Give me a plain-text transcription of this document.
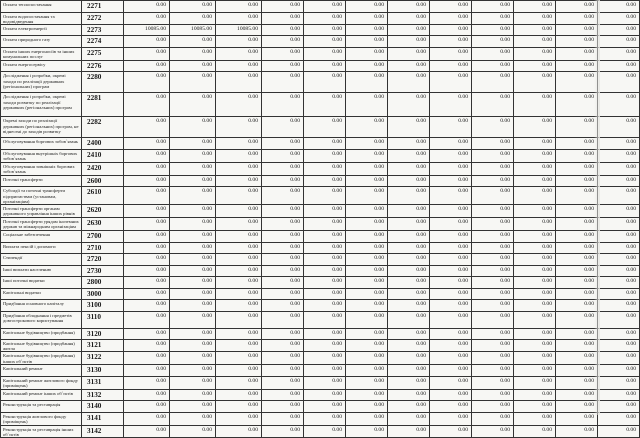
Оплата теплопостачання	2271	0.00	0.00	0.00	0.00	0.00	0.00	0.00	0.00	0.00	0.00	0.00	0.00
Оплата водопостачання та водовідведення	2272	0.00	0.00	0.00	0.00	0.00	0.00	0.00	0.00	0.00	0.00	0.00	0.00
Оплата електроенергії	2273	10085.00	10085.00	10085.00	0.00	0.00	0.00	0.00	0.00	0.00	0.00	0.00	0.00
Оплата природного газу	2274	0.00	0.00	0.00	0.00	0.00	0.00	0.00	0.00	0.00	0.00	0.00	0.00
Оплата інших енергоносіїв та інших комунальних послуг	2275	0.00	0.00	0.00	0.00	0.00	0.00	0.00	0.00	0.00	0.00	0.00	0.00
Оплата енергосервісу	2276	0.00	0.00	0.00	0.00	0.00	0.00	0.00	0.00	0.00	0.00	0.00	0.00
Дослідження і розробки, окремі заходи по реалізації державних (регіональних) програм	2280	0.00	0.00	0.00	0.00	0.00	0.00	0.00	0.00	0.00	0.00	0.00	0.00
Дослідження і розробки, окремі заходи розвитку по реалізації державних (регіональних) програм	2281	0.00	0.00	0.00	0.00	0.00	0.00	0.00	0.00	0.00	0.00	0.00	0.00
Окремі заходи по реалізації державних (регіональних) програм, не віднесені до заходів розвитку	2282	0.00	0.00	0.00	0.00	0.00	0.00	0.00	0.00	0.00	0.00	0.00	0.00
Обслуговування боргових зобов`язань	2400	0.00	0.00	0.00	0.00	0.00	0.00	0.00	0.00	0.00	0.00	0.00	0.00
Обслуговування внутрішніх боргових зобов`язань	2410	0.00	0.00	0.00	0.00	0.00	0.00	0.00	0.00	0.00	0.00	0.00	0.00
Обслуговування зовнішніх боргових зобов`язань	2420	0.00	0.00	0.00	0.00	0.00	0.00	0.00	0.00	0.00	0.00	0.00	0.00
Поточні трансферти	2600	0.00	0.00	0.00	0.00	0.00	0.00	0.00	0.00	0.00	0.00	0.00	0.00
Субсидії та поточні трансферти підприємствам (установам, організаціям)	2610	0.00	0.00	0.00	0.00	0.00	0.00	0.00	0.00	0.00	0.00	0.00	0.00
Поточні трансферти органам державного управління інших рівнів	2620	0.00	0.00	0.00	0.00	0.00	0.00	0.00	0.00	0.00	0.00	0.00	0.00
Поточні трансферти урядам іноземних держав та міжнародним організаціям	2630	0.00	0.00	0.00	0.00	0.00	0.00	0.00	0.00	0.00	0.00	0.00	0.00
Соціальне забезпечення	2700	0.00	0.00	0.00	0.00	0.00	0.00	0.00	0.00	0.00	0.00	0.00	0.00
Виплата пенсій і допомоги	2710	0.00	0.00	0.00	0.00	0.00	0.00	0.00	0.00	0.00	0.00	0.00	0.00
Стипендії	2720	0.00	0.00	0.00	0.00	0.00	0.00	0.00	0.00	0.00	0.00	0.00	0.00
Інші виплати населенню	2730	0.00	0.00	0.00	0.00	0.00	0.00	0.00	0.00	0.00	0.00	0.00	0.00
Інші поточні видатки	2800	0.00	0.00	0.00	0.00	0.00	0.00	0.00	0.00	0.00	0.00	0.00	0.00
Капітальні видатки	3000	0.00	0.00	0.00	0.00	0.00	0.00	0.00	0.00	0.00	0.00	0.00	0.00
Придбання основного капіталу	3100	0.00	0.00	0.00	0.00	0.00	0.00	0.00	0.00	0.00	0.00	0.00	0.00
Придбання обладнання і предметів довгострокового користування	3110	0.00	0.00	0.00	0.00	0.00	0.00	0.00	0.00	0.00	0.00	0.00	0.00
Капітальне будівництво (придбання)	3120	0.00	0.00	0.00	0.00	0.00	0.00	0.00	0.00	0.00	0.00	0.00	0.00
Капітальне будівництво (придбання) житла	3121	0.00	0.00	0.00	0.00	0.00	0.00	0.00	0.00	0.00	0.00	0.00	0.00
Капітальне будівництво (придбання) інших об`єктів	3122	0.00	0.00	0.00	0.00	0.00	0.00	0.00	0.00	0.00	0.00	0.00	0.00
Капітальний ремонт	3130	0.00	0.00	0.00	0.00	0.00	0.00	0.00	0.00	0.00	0.00	0.00	0.00
Капітальний ремонт житлового фонду (приміщень)	3131	0.00	0.00	0.00	0.00	0.00	0.00	0.00	0.00	0.00	0.00	0.00	0.00
Капітальний ремонт інших об`єктів	3132	0.00	0.00	0.00	0.00	0.00	0.00	0.00	0.00	0.00	0.00	0.00	0.00
Реконструкція та реставрація	3140	0.00	0.00	0.00	0.00	0.00	0.00	0.00	0.00	0.00	0.00	0.00	0.00
Реконструкція житлового фонду (приміщень)	3141	0.00	0.00	0.00	0.00	0.00	0.00	0.00	0.00	0.00	0.00	0.00	0.00
Реконструкція та реставрація інших об`єктів	3142	0.00	0.00	0.00	0.00	0.00	0.00	0.00	0.00	0.00	0.00	0.00	0.00
